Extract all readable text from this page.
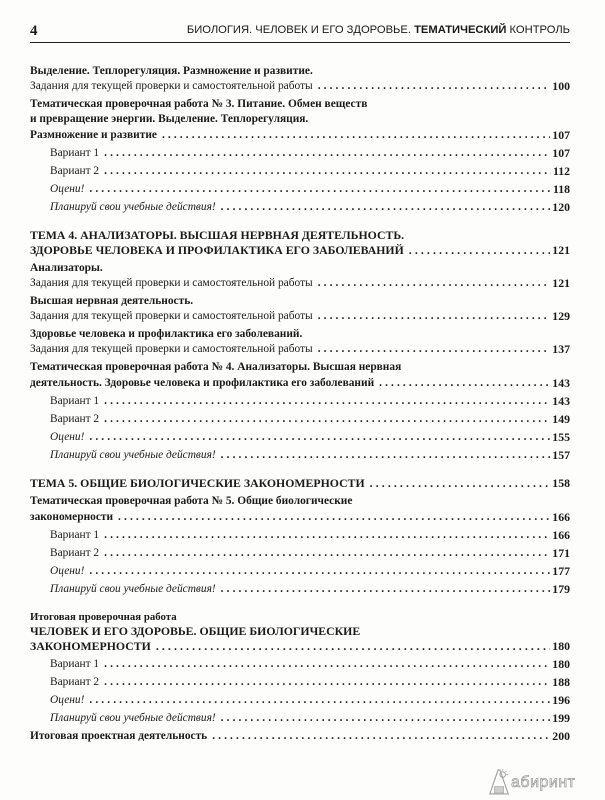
4	БИОЛОГИЯ. ЧЕЛОВЕК И ЕГО ЗДОРОВЬЕ. ТЕМАТИЧЕСКИЙ КОНТРОЛЬ
Выделение. Теплорегуляция. Размножение и развитие.
Задания для текущей проверки и самостоятельной работы .....	100
Тематическая проверочная работа № 3. Питание. Обмен веществ
и превращение энергии. Выделение. Теплорегуляция.
Размножение и развитие .....	107
Вариант 1 .....	107
Вариант 2 .....	112
Оцени! .....	118
Планируй свои учебные действия! .....	120
ТЕМА 4. АНАЛИЗАТОРЫ. ВЫСШАЯ НЕРВНАЯ ДЕЯТЕЛЬНОСТЬ.
ЗДОРОВЬЕ ЧЕЛОВЕКА И ПРОФИЛАКТИКА ЕГО ЗАБОЛЕВАНИЙ .....	121
Анализаторы.
Задания для текущей проверки и самостоятельной работы .....	121
Высшая нервная деятельность.
Задания для текущей проверки и самостоятельной работы .....	129
Здоровье человека и профилактика его заболеваний.
Задания для текущей проверки и самостоятельной работы .....	137
Тематическая проверочная работа № 4. Анализаторы. Высшая нервная
деятельность. Здоровье человека и профилактика его заболеваний .....	143
Вариант 1 .....	143
Вариант 2 .....	149
Оцени! .....	155
Планируй свои учебные действия! .....	157
ТЕМА 5. ОБЩИЕ БИОЛОГИЧЕСКИЕ ЗАКОНОМЕРНОСТИ .....	158
Тематическая проверочная работа № 5. Общие биологические
закономерности .....	166
Вариант 1 .....	166
Вариант 2 .....	171
Оцени! .....	177
Планируй свои учебные действия! .....	179
Итоговая проверочная работа
ЧЕЛОВЕК И ЕГО ЗДОРОВЬЕ. ОБЩИЕ БИОЛОГИЧЕСКИЕ
ЗАКОНОМЕРНОСТИ .....	180
Вариант 1 .....	180
Вариант 2 .....	188
Оцени! .....	196
Планируй свои учебные действия! .....	199
Итоговая проектная деятельность .....	200
абиринт
